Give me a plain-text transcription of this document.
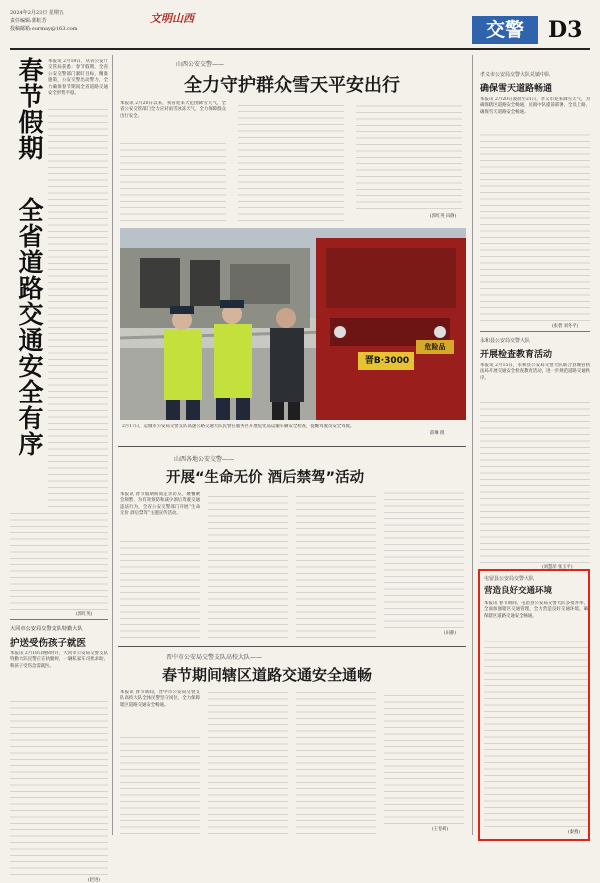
2024年2月23日 星期五
责任编辑:郭虹芳
投稿邮箱:ourmay@163.com
文明山西
交警	D3
春节假期
全省道路交通安全有序
本报讯 2月18日，从省公安厅交管局获悉：春节假期，全省公安交警部门紧盯目标，精准施策，公安交警出动警力，全力确保春节期间全省道路交通安全形势平稳。
(郭红英)
大同市公安局交警支队特勤大队
护送受伤孩子就医
本报讯 2月18日晚8时许，大同市公安局交警支队特勤大队民警正在执勤时，一辆私家车司机求助，称孩子受伤急需就医。
(赵进)
山西公安交警——
全力守护群众雪天平安出行
本报讯 2月20日以来，我省迎来大范围降雪天气，全省公安交管部门全力应对雨雪冰冻天气，全力保障群众出行安全。
(郭红英 田静)
晋B·3000
危险品
2月17日，运城市公安局交警支队高速公路交通大队民警在服务区开展危化品运输车辆安全检查，提醒驾驶员安全驾驶。
薛琳 摄
山西各地公安交警——
开展“生命无价 酒后禁驾”活动
本报讯 春节假期期间走亲访友、聚餐聚会频繁，为有效预防和减少酒后驾驶交通违法行为，全省公安交警部门开展“生命无价 酒后禁驾”主题宣传活动。
(田静)
晋中市公安局交警支队高校大队——
春节期间辖区道路交通安全通畅
本报讯 春节期间，晋中市公安局交警支队高校大队全体民警坚守岗位，全力保障辖区道路交通安全畅通。
(王卷莉)
孝义市公安局交警大队兑镇中队
确保雪天道路畅通
本报讯 2月20日凌晨至21日，孝义市迎来降雪天气，为确保辖区道路安全畅通，兑镇中队提前部署，全员上路，确保雪天道路安全畅通。
(张碧 刘冬平)
永和县公安局交警大队
开展检查教育活动
本报讯 2月15日，永和县公安局交警大队联合县城管执法局开展交通安全检查教育活动，进一步规范道路交通秩序。
(刘慧萍 张玉平)
屯留县公安局交警大队
营造良好交通环境
本报讯 春节期间，屯留县公安局交警大队多措并举，全面加强辖区交通管理，全力营造良好交通环境，确保辖区道路交通安全畅通。
(秦燕)
